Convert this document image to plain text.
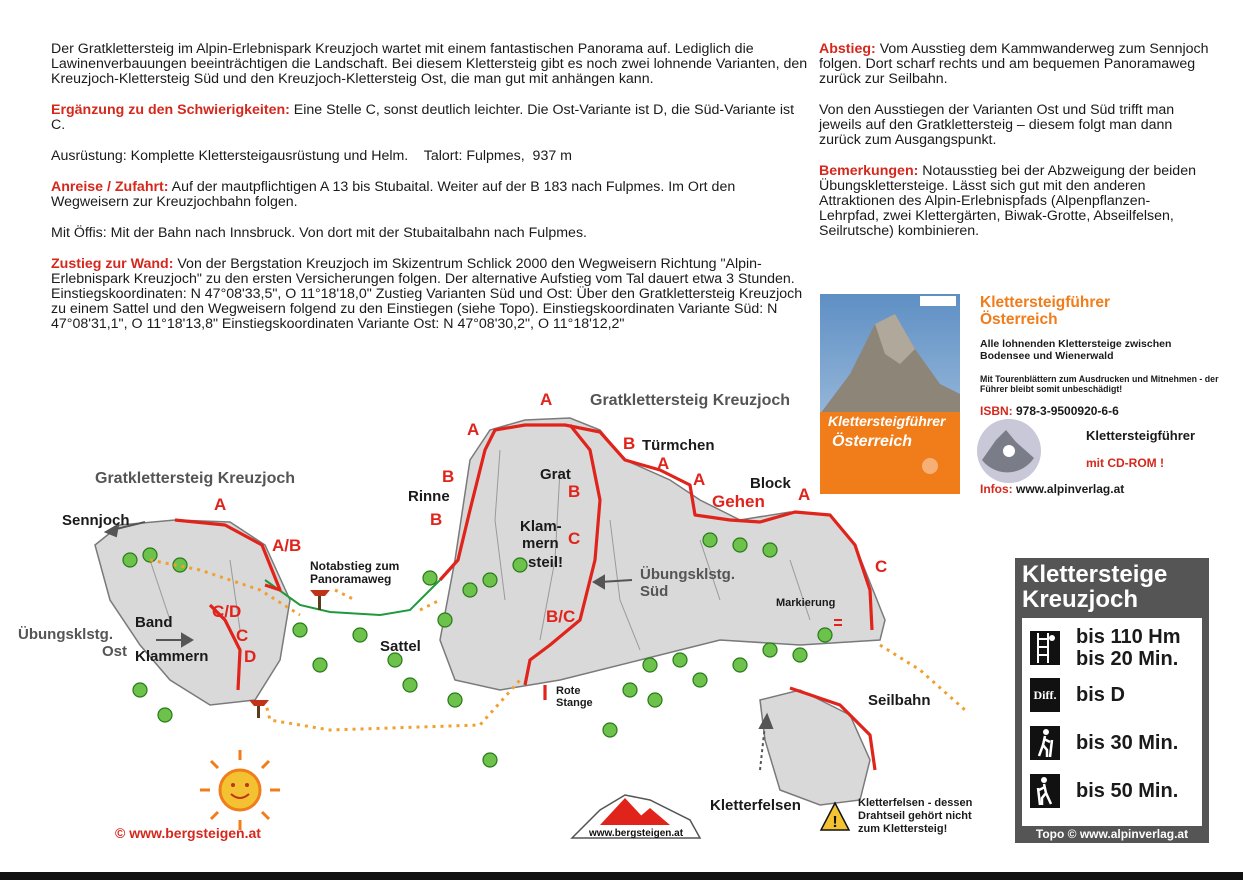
Der Gratklettersteig im Alpin-Erlebnispark Kreuzjoch wartet mit einem fantastischen Panorama auf. Lediglich die Lawinenverbauungen beeinträchtigen die Landschaft. Bei diesem Klettersteig gibt es noch zwei lohnende Varianten, den Kreuzjoch-Klettersteig Süd und den Kreuzjoch-Klettersteig Ost, die man gut mit anhängen kann.

Ergänzung zu den Schwierigkeiten: Eine Stelle C, sonst deutlich leichter. Die Ost-Variante ist D, die Süd-Variante ist C.

Ausrüstung: Komplette Klettersteigausrüstung und Helm.    Talort: Fulpmes,  937 m

Anreise / Zufahrt: Auf der mautpflichtigen A 13 bis Stubaital. Weiter auf der B 183 nach Fulpmes. Im Ort den Wegweisern zur Kreuzjochbahn folgen.

Mit Öffis: Mit der Bahn nach Innsbruck. Von dort mit der Stubaitalbahn nach Fulpmes.

Zustieg zur Wand: Von der Bergstation Kreuzjoch im Skizentrum Schlick 2000 den Wegweisern Richtung "Alpin-Erlebnispark Kreuzjoch" zu den ersten Versicherungen folgen. Der alternative Aufstieg vom Tal dauert etwa 3 Stunden. Einstiegskoordinaten: N 47°08'33,5", O 11°18'18,0" Zustieg Varianten Süd und Ost: Über den Gratklettersteig Kreuzjoch zu einem Sattel und den Wegweisern folgend zu den Einstiegen (siehe Topo). Einstiegskoordinaten Variante Süd: N 47°08'31,1", O 11°18'13,8" Einstiegskoordinaten Variante Ost: N 47°08'30,2", O 11°18'12,2"

Abstieg: Vom Ausstieg dem Kammwanderweg zum Sennjoch folgen. Dort scharf rechts und am bequemen Panoramaweg zurück zur Seilbahn.

Von den Ausstiegen der Varianten Ost und Süd trifft man jeweils auf den Gratklettersteig – diesem folgt man dann zurück zum Ausgangspunkt.

Bemerkungen: Notausstieg bei der Abzweigung der beiden Übungsklettersteige. Lässt sich gut mit den anderen Attraktionen des Alpin-Erlebnispfads (Alpenpflanzen-Lehrpfad, zwei Klettergärten, Biwak-Grotte, Abseilfelsen, Seilrutsche) kombinieren.

Klettersteigführer
Österreich
Klettersteigführer Österreich
Alle lohnenden Klettersteige zwischen Bodensee und Wienerwald
Mit Tourenblättern zum Ausdrucken und Mitnehmen - der Führer bleibt somit unbeschädigt!
ISBN: 978-3-9500920-6-6
Klettersteigführer
mit CD-ROM !
Infos: www.alpinverlag.at
www.bergsteigen.at
!
Gratklettersteig Kreuzjoch
Gratklettersteig Kreuzjoch
Sennjoch
Notabstieg zum
Panoramaweg
Band
Klammern
Übungsklstg.
Ost	Sattel
Rinne
Grat
Klam-
mern
steil!
Übungsklstg.
Süd
Türmchen
Block
Markierung
Seilbahn
Rote
Stange
Kletterfelsen	Kletterfelsen - dessen
Drahtseil gehört nicht
zum Klettersteig!
© www.bergsteigen.at
A
A
A
A
A
A
A/B
B
B
B
B
C
C
C
C/D
D
B/C
Gehen
Klettersteige
Kreuzjoch
bis 110 Hm
bis 20 Min.
Diff. bis D
bis 30 Min.
bis 50 Min.
Topo © www.alpinverlag.at
